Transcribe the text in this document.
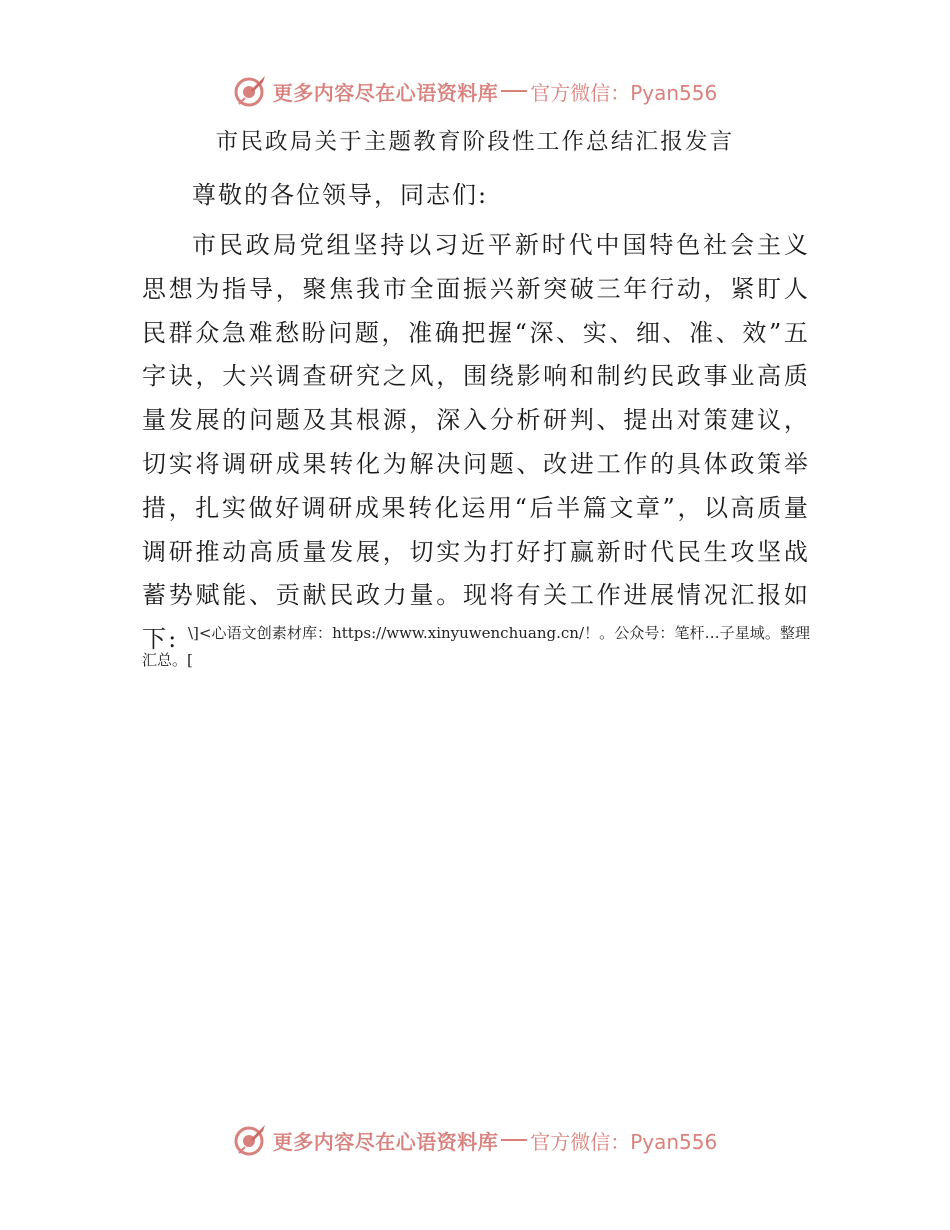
更多内容尽在心语资料库 官方微信：Pyan556
市民政局关于主题教育阶段性工作总结汇报发言

尊敬的各位领导，同志们:

市民政局党组坚持以习近平新时代中国特色社会主义思想为指导，聚焦我市全面振兴新突破三年行动，紧盯人民群众急难愁盼问题，准确把握“深、实、细、准、效”五字诀，大兴调查研究之风，围绕影响和制约民政事业高质量发展的问题及其根源，深入分析研判、提出对策建议，切实将调研成果转化为解决问题、改进工作的具体政策举措，扎实做好调研成果转化运用“后半篇文章”，以高质量调研推动高质量发展，切实为打好打赢新时代民生攻坚战蓄势赋能、贡献民政力量。现将有关工作进展情况汇报如下: \]<心语文创素材库：https://www.xinyuwenchuang.cn/！。公众号：笔杆…子星域。整理汇总。[

更多内容尽在心语资料库 官方微信：Pyan556
